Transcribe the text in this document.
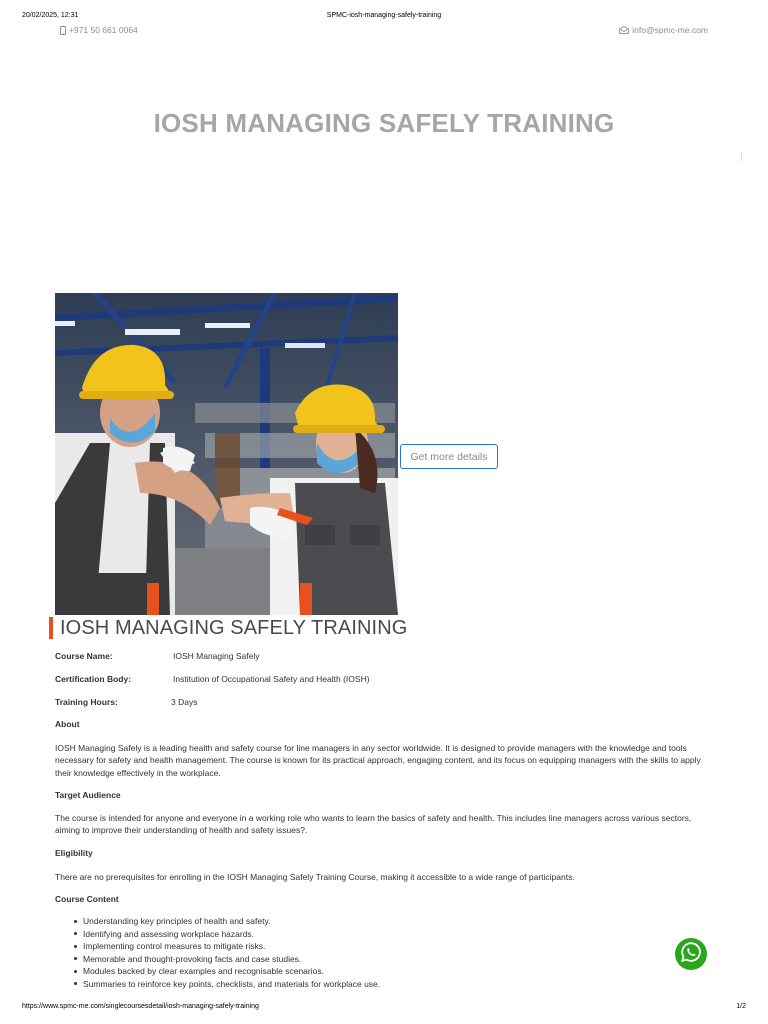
20/02/2025, 12:31	SPMC-iosh-managing-safely-training
+971 50 661 0064	info@spmc-me.com
IOSH MANAGING SAFELY TRAINING
Get more details
IOSH MANAGING SAFELY TRAINING
Course Name:	IOSH Managing Safely
Certification Body:	Institution of Occupational Safety and Health (IOSH)
Training Hours:	3 Days
About

IOSH Managing Safely is a leading health and safety course for line managers in any sector worldwide. It is designed to provide managers with the knowledge and tools necessary for safety and health management. The course is known for its practical approach, engaging content, and its focus on equipping managers with the skills to apply their knowledge effectively in the workplace.

Target Audience

The course is intended for anyone and everyone in a working role who wants to learn the basics of safety and health. This includes line managers across various sectors, aiming to improve their understanding of health and safety issues?.

Eligibility

There are no prerequisites for enrolling in the IOSH Managing Safely Training Course, making it accessible to a wide range of participants.

Course Content
Understanding key principles of health and safety.
Identifying and assessing workplace hazards.
Implementing control measures to mitigate risks.
Memorable and thought-provoking facts and case studies.
Modules backed by clear examples and recognisable scenarios.
Summaries to reinforce key points, checklists, and materials for workplace use.
https://www.spmc-me.com/singlecoursesdetail/iosh-managing-safely-training	1/2
